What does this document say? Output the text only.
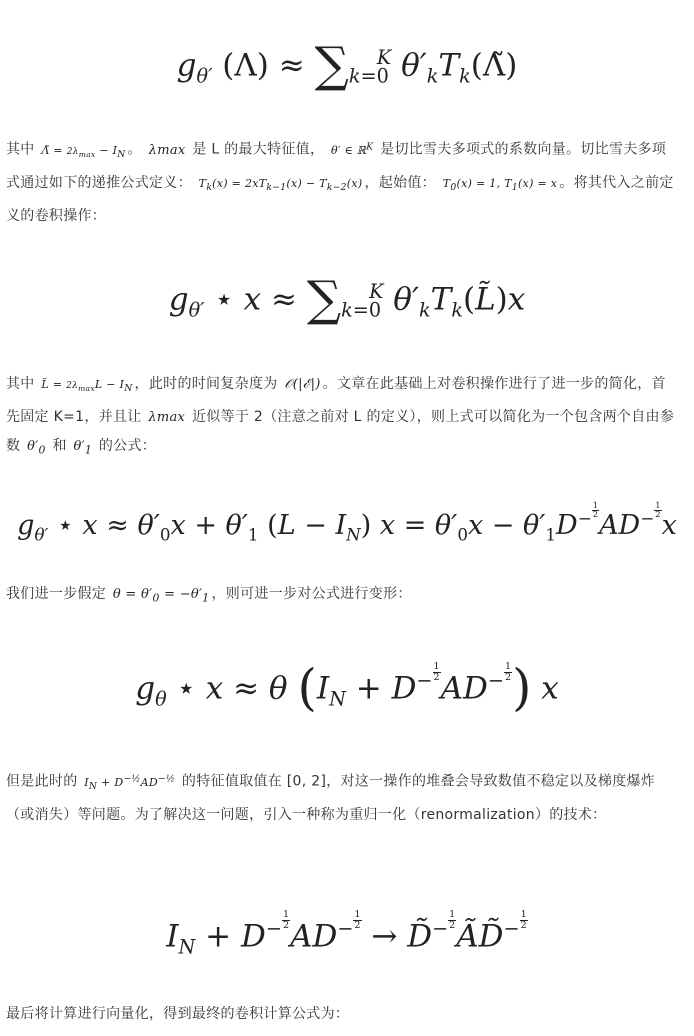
$g_{\theta'}$ $(\Lambda) \approx \sum_{k=0}^K$ $\theta'_kT_k(\Lambdã)$
其中 Λ̃ = $2\lambda_{max} - I_N$ 。 λmax 是 L 的最大特征值， θ′ ∈ ℝ$^K$ 是切比雪夫多项式的系数向量。切比雪夫多项式通过如下的递推公式定义： $T_k(x) = 2xT_{k-1}(x) - T_{k-2}(x)$ ，起始值： $T_0(x) = 1$, $T_1(x) = x$ 。将其代入之前定义的卷积操作：
$g_{\theta'}$ ⋆ $x \approx \sum_{k=0}^K$ $\theta'_kT_k(L̃)x$
其中 L̃ = $2\lambda_{max}L - I_N$ ，此时的时间复杂度为 𝒪(|ℰ|) 。文章在此基础上对卷积操作进行了进一步的简化，首先固定 K=1，并且让 λmax 近似等于 2（注意之前对 L 的定义），则上式可以简化为一个包含两个自由参数 $\theta'_0$ 和 $\theta'_1$ 的公式：
$g_{\theta'}$ ⋆ $x \approx \theta'_0x + \theta'_1$ $(L - I_N)$ $x = \theta'_0x - \theta'_1D^{- \frac{1}{2}}$ $AD^{- \frac{1}{2}}$ x
我们进一步假定 $\theta = \theta'_0 = -\theta'_1$ ，则可进一步对公式进行变形：
$g_\theta$ ⋆ x ≈ θ ($I_N + D^{- \frac{1}{2}}$ $AD^{- \frac{1}{2}}$ ) x
但是此时的 $I_N + D^{-\frac{1}{2}}AD^{-\frac{1}{2}}$ 的特征值取值在 [0, 2]，对这一操作的堆叠会导致数值不稳定以及梯度爆炸（或消失）等问题。为了解决这一问题，引入一种称为重归一化（renormalization）的技术：
$I_N + D^{- \frac{1}{2}}$ $AD^{- \frac{1}{2}}$ → D̃$^{- \frac{1}{2}}$ ÃD̃$^{- \frac{1}{2}}$
最后将计算进行向量化，得到最终的卷积计算公式为：
